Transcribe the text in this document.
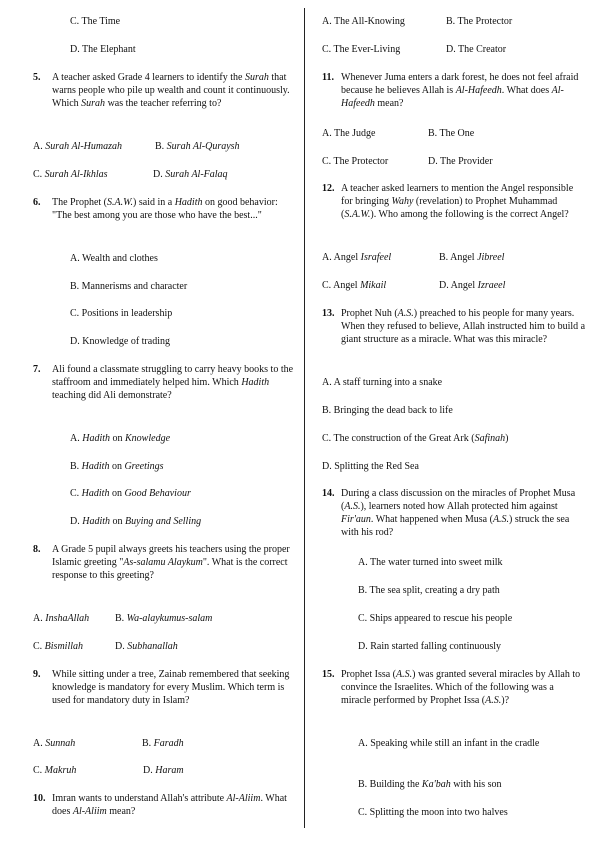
C. The Time
D. The Elephant
5. A teacher asked Grade 4 learners to identify the Surah that warns people who pile up wealth and count it continuously. Which Surah was the teacher referring to?
A. Surah Al-Humazah	B. Surah Al-Quraysh
C. Surah Al-Ikhlas	D. Surah Al-Falaq
6. The Prophet (S.A.W.) said in a Hadith on good behavior: "The best among you are those who have the best..."
A. Wealth and clothes
B. Mannerisms and character
C. Positions in leadership
D. Knowledge of trading
7. Ali found a classmate struggling to carry heavy books to the staffroom and immediately helped him. Which Hadith teaching did Ali demonstrate?
A. Hadith on Knowledge
B. Hadith on Greetings
C. Hadith on Good Behaviour
D. Hadith on Buying and Selling
8. A Grade 5 pupil always greets his teachers using the proper Islamic greeting "As-salamu Alaykum". What is the correct response to this greeting?
A. InshaAllah	B. Wa-alaykumus-salam
C. Bismillah	D. Subhanallah
9. While sitting under a tree, Zainab remembered that seeking knowledge is mandatory for every Muslim. Which term is used for mandatory duty in Islam?
A. Sunnah	B. Faradh
C. Makruh	D. Haram
10. Imran wants to understand Allah's attribute Al-Aliim. What does Al-Aliim mean?
A. The All-Knowing	B. The Protector
C. The Ever-Living	D. The Creator
11. Whenever Juma enters a dark forest, he does not feel afraid because he believes Allah is Al-Hafeedh. What does Al-Hafeedh mean?
A. The Judge	B. The One
C. The Protector	D. The Provider
12. A teacher asked learners to mention the Angel responsible for bringing Wahy (revelation) to Prophet Muhammad (S.A.W.). Who among the following is the correct Angel?
A. Angel Israfeel	B. Angel Jibreel
C. Angel Mikail	D. Angel Izraeel
13. Prophet Nuh (A.S.) preached to his people for many years. When they refused to believe, Allah instructed him to build a giant structure as a miracle. What was this miracle?
A. A staff turning into a snake
B. Bringing the dead back to life
C. The construction of the Great Ark (Safinah)
D. Splitting the Red Sea
14. During a class discussion on the miracles of Prophet Musa (A.S.), learners noted how Allah protected him against Fir'aun. What happened when Musa (A.S.) struck the sea with his rod?
A. The water turned into sweet milk
B. The sea split, creating a dry path
C. Ships appeared to rescue his people
D. Rain started falling continuously
15. Prophet Issa (A.S.) was granted several miracles by Allah to convince the Israelites. Which of the following was a miracle performed by Prophet Issa (A.S.)?
A. Speaking while still an infant in the cradle
B. Building the Ka'bah with his son
C. Splitting the moon into two halves
